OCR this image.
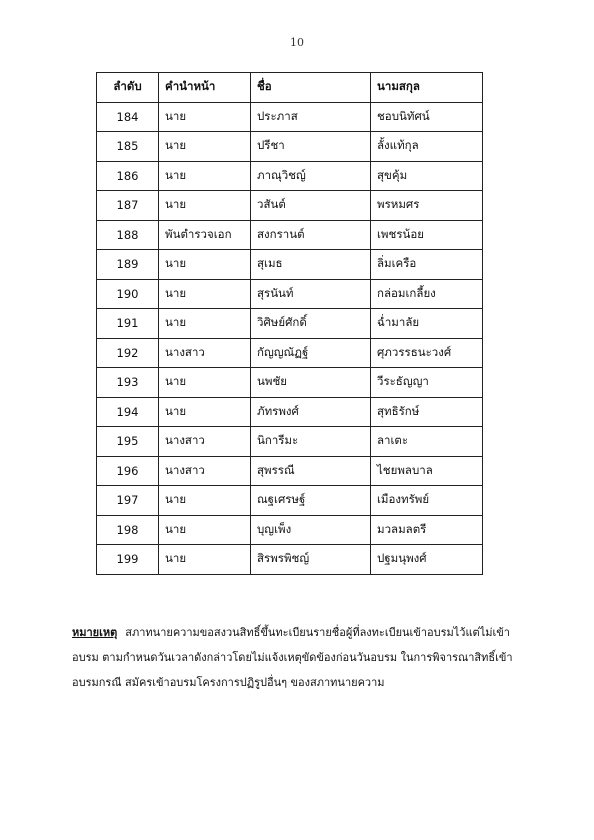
10
ลำดับ	คำนำหน้า	ชื่อ	นามสกุล
184	นาย	ประภาส	ชอบนิทัศน์
185	นาย	ปรีชา	ลั้งแท้กุล
186	นาย	ภาณุวิชญ์	สุขคุ้ม
187	นาย	วสันต์	พรหมศร
188	พันตำรวจเอก	สงกรานต์	เพชรน้อย
189	นาย	สุเมธ	ลิ่มเครือ
190	นาย	สุรนันท์	กล่อมเกลี้ยง
191	นาย	วิศิษย์ศักดิ์	ฉ่ำมาลัย
192	นางสาว	กัญญณัฏฐ์	ศุภวรรธนะวงศ์
193	นาย	นพชัย	วีระธัญญา
194	นาย	ภัทรพงศ์	สุทธิรักษ์
195	นางสาว	นิการีมะ	ลาเตะ
196	นางสาว	สุพรรณี	ไชยพลบาล
197	นาย	ณฐเศรษฐ์	เมืองทรัพย์
198	นาย	บุญเพ็ง	มวลมลตรี
199	นาย	สิรพรพิชญ์	ปฐมนุพงศ์
หมายเหตุ สภาทนายความขอสงวนสิทธิ์ขึ้นทะเบียนรายชื่อผู้ที่ลงทะเบียนเข้าอบรมไว้แต่ไม่เข้าอบรม ตามกำหนดวันเวลาดังกล่าวโดยไม่แจ้งเหตุขัดข้องก่อนวันอบรม ในการพิจารณาสิทธิ์เข้าอบรมกรณี สมัครเข้าอบรมโครงการปฏิรูปอื่นๆ ของสภาทนายความ
